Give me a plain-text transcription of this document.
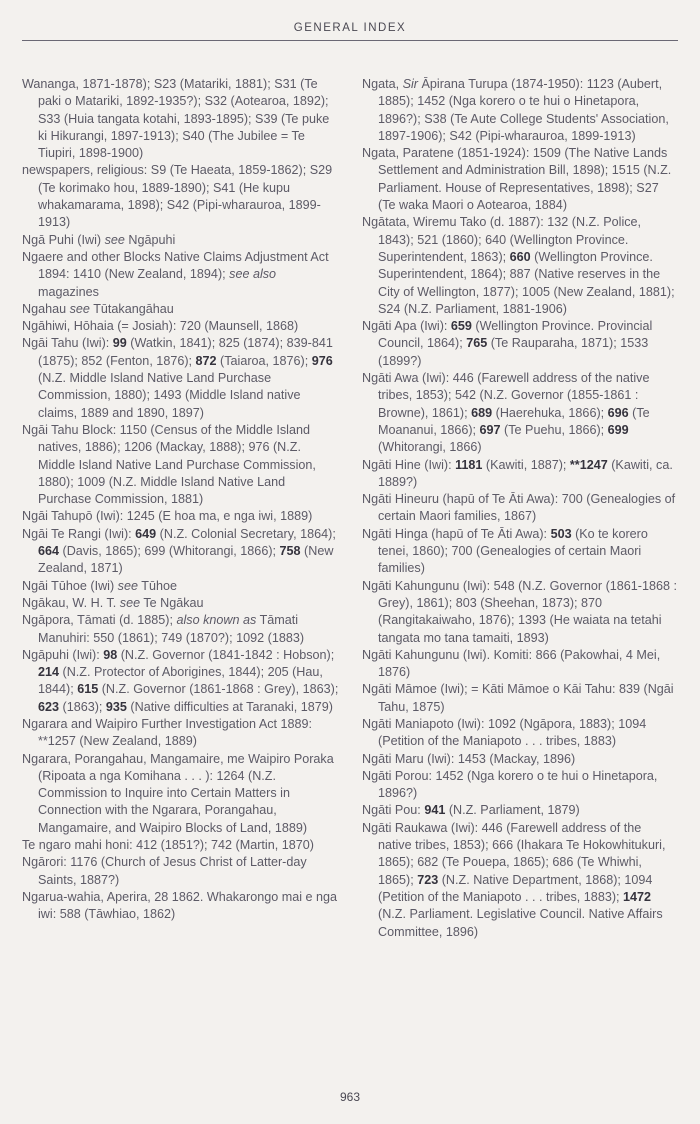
GENERAL INDEX

Wananga, 1871-1878); S23 (Matariki, 1881); S31 (Te paki o Matariki, 1892-1935?); S32 (Aotearoa, 1892); S33 (Huia tangata kotahi, 1893-1895); S39 (Te puke ki Hikurangi, 1897-1913); S40 (The Jubilee = Te Tiupiri, 1898-1900)

newspapers, religious: S9 (Te Haeata, 1859-1862); S29 (Te korimako hou, 1889-1890); S41 (He kupu whakamarama, 1898); S42 (Pipi-wharauroa, 1899-1913)

Ngā Puhi (Iwi) see Ngāpuhi

Ngaere and other Blocks Native Claims Adjustment Act 1894: 1410 (New Zealand, 1894); see also magazines

Ngahau see Tūtakangāhau

Ngāhiwi, Hōhaia (= Josiah): 720 (Maunsell, 1868)

Ngāi Tahu (Iwi): 99 (Watkin, 1841); 825 (1874); 839-841 (1875); 852 (Fenton, 1876); 872 (Taiaroa, 1876); 976 (N.Z. Middle Island Native Land Purchase Commission, 1880); 1493 (Middle Island native claims, 1889 and 1890, 1897)

Ngāi Tahu Block: 1150 (Census of the Middle Island natives, 1886); 1206 (Mackay, 1888); 976 (N.Z. Middle Island Native Land Purchase Commission, 1880); 1009 (N.Z. Middle Island Native Land Purchase Commission, 1881)

Ngāi Tahupō (Iwi): 1245 (E hoa ma, e nga iwi, 1889)

Ngāi Te Rangi (Iwi): 649 (N.Z. Colonial Secretary, 1864); 664 (Davis, 1865); 699 (Whitorangi, 1866); 758 (New Zealand, 1871)

Ngāi Tūhoe (Iwi) see Tūhoe

Ngākau, W. H. T. see Te Ngākau

Ngāpora, Tāmati (d. 1885); also known as Tāmati Manuhiri: 550 (1861); 749 (1870?); 1092 (1883)

Ngāpuhi (Iwi): 98 (N.Z. Governor (1841-1842 : Hobson); 214 (N.Z. Protector of Aborigines, 1844); 205 (Hau, 1844); 615 (N.Z. Governor (1861-1868 : Grey), 1863); 623 (1863); 935 (Native difficulties at Taranaki, 1879)

Ngarara and Waipiro Further Investigation Act 1889: **1257 (New Zealand, 1889)

Ngarara, Porangahau, Mangamaire, me Waipiro Poraka (Ripoata a nga Komihana . . . ): 1264 (N.Z. Commission to Inquire into Certain Matters in Connection with the Ngarara, Porangahau, Mangamaire, and Waipiro Blocks of Land, 1889)

Te ngaro mahi honi: 412 (1851?); 742 (Martin, 1870)

Ngārori: 1176 (Church of Jesus Christ of Latter-day Saints, 1887?)

Ngarua-wahia, Aperira, 28 1862. Whakarongo mai e nga iwi: 588 (Tāwhiao, 1862)

Ngata, Sir Āpirana Turupa (1874-1950): 1123 (Aubert, 1885); 1452 (Nga korero o te hui o Hinetapora, 1896?); S38 (Te Aute College Students' Association, 1897-1906); S42 (Pipi-wharauroa, 1899-1913)

Ngata, Paratene (1851-1924): 1509 (The Native Lands Settlement and Administration Bill, 1898); 1515 (N.Z. Parliament. House of Representatives, 1898); S27 (Te waka Maori o Aotearoa, 1884)

Ngātata, Wiremu Tako (d. 1887): 132 (N.Z. Police, 1843); 521 (1860); 640 (Wellington Province. Superintendent, 1863); 660 (Wellington Province. Superintendent, 1864); 887 (Native reserves in the City of Wellington, 1877); 1005 (New Zealand, 1881); S24 (N.Z. Parliament, 1881-1906)

Ngāti Apa (Iwi): 659 (Wellington Province. Provincial Council, 1864); 765 (Te Rauparaha, 1871); 1533 (1899?)

Ngāti Awa (Iwi): 446 (Farewell address of the native tribes, 1853); 542 (N.Z. Governor (1855-1861 : Browne), 1861); 689 (Haerehuka, 1866); 696 (Te Moananui, 1866); 697 (Te Puehu, 1866); 699 (Whitorangi, 1866)

Ngāti Hine (Iwi): 1181 (Kawiti, 1887); **1247 (Kawiti, ca. 1889?)

Ngāti Hineuru (hapū of Te Āti Awa): 700 (Genealogies of certain Maori families, 1867)

Ngāti Hinga (hapū of Te Āti Awa): 503 (Ko te korero tenei, 1860); 700 (Genealogies of certain Maori families)

Ngāti Kahungunu (Iwi): 548 (N.Z. Governor (1861-1868 : Grey), 1861); 803 (Sheehan, 1873); 870 (Rangitakaiwaho, 1876); 1393 (He waiata na tetahi tangata mo tana tamaiti, 1893)

Ngāti Kahungunu (Iwi). Komiti: 866 (Pakowhai, 4 Mei, 1876)

Ngāti Māmoe (Iwi); = Kāti Māmoe o Kāi Tahu: 839 (Ngāi Tahu, 1875)

Ngāti Maniapoto (Iwi): 1092 (Ngāpora, 1883); 1094 (Petition of the Maniapoto . . . tribes, 1883)

Ngāti Maru (Iwi): 1453 (Mackay, 1896)

Ngāti Porou: 1452 (Nga korero o te hui o Hinetapora, 1896?)

Ngāti Pou: 941 (N.Z. Parliament, 1879)

Ngāti Raukawa (Iwi): 446 (Farewell address of the native tribes, 1853); 666 (Ihakara Te Hokowhitukuri, 1865); 682 (Te Pouepa, 1865); 686 (Te Whiwhi, 1865); 723 (N.Z. Native Department, 1868); 1094 (Petition of the Maniapoto . . . tribes, 1883); 1472 (N.Z. Parliament. Legislative Council. Native Affairs Committee, 1896)

963
